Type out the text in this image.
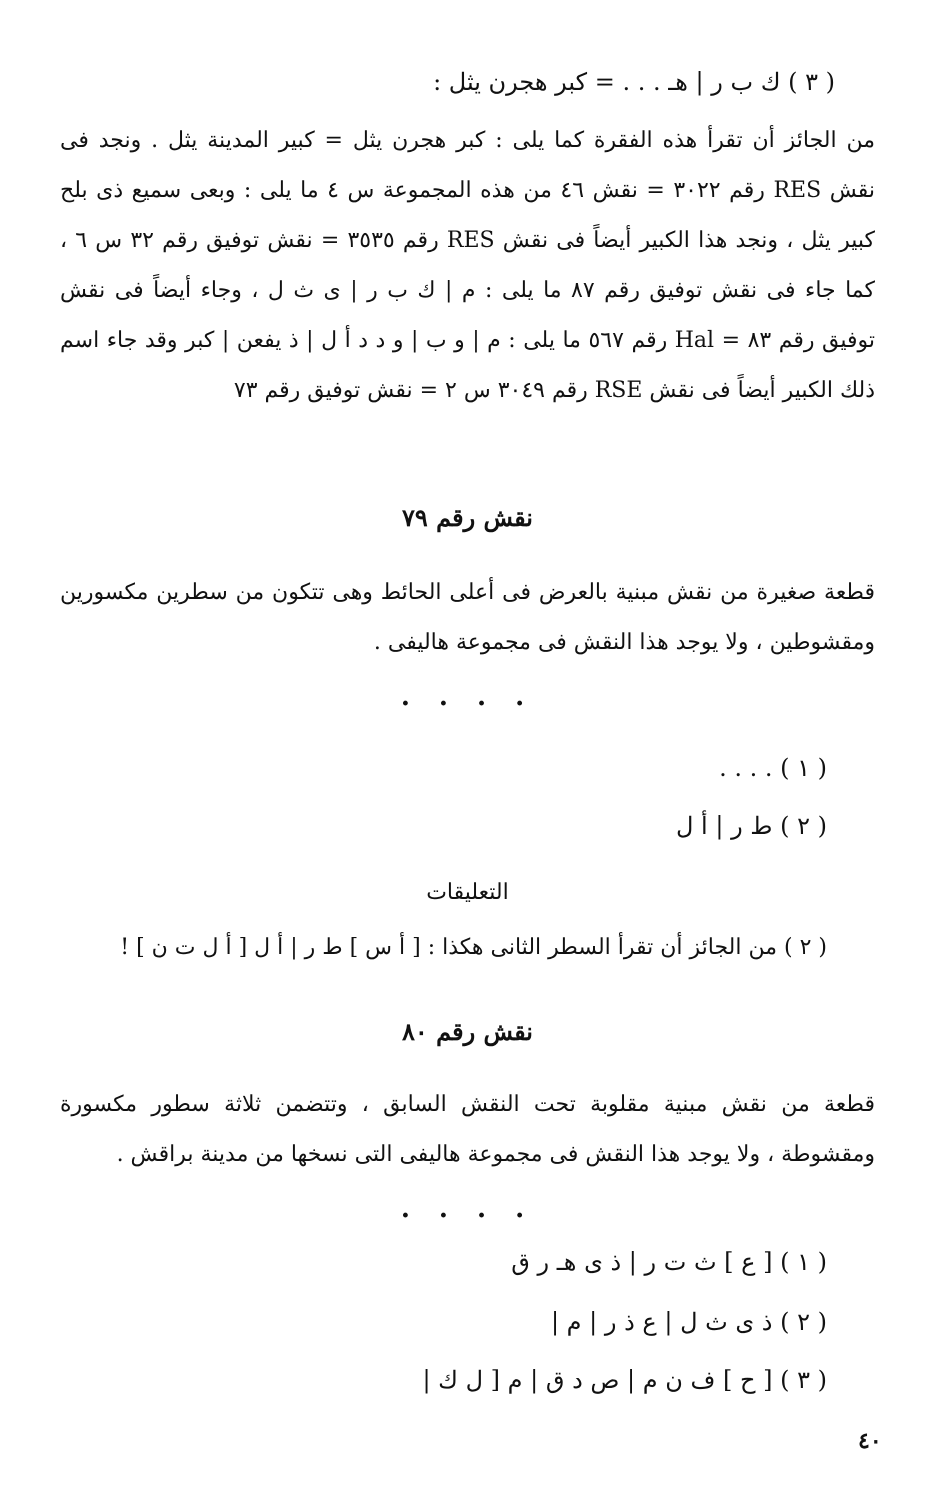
( ٣ ) ك ب ر | هـ . . . = كبر هجرن يثل :
من الجائز أن تقرأ هذه الفقرة كما يلى : كبر هجرن يثل = كبير المدينة يثل . ونجد فى نقش RES رقم ٣٠٢٢ = نقش ٤٦ من هذه المجموعة س ٤ ما يلى : وبعى سميع ذى بلح كبير يثل ، ونجد هذا الكبير أيضاً فى نقش RES رقم ٣٥٣٥ = نقش توفيق رقم ٣٢ س ٦ ، كما جاء فى نقش توفيق رقم ٨٧ ما يلى : م | ك ب ر | ى ث ل ، وجاء أيضاً فى نقش توفيق رقم ٨٣ = Hal رقم ٥٦٧ ما يلى : م | و ب | و د د أ ل | ذ يفعن | كبر وقد جاء اسم ذلك الكبير أيضاً فى نقش RSE رقم ٣٠٤٩ س ٢ = نقش توفيق رقم ٧٣
نقش رقم ٧٩
قطعة صغيرة من نقش مبنية بالعرض فى أعلى الحائط وهى تتكون من سطرين مكسورين ومقشوطين ، ولا يوجد هذا النقش فى مجموعة هاليفى .
. . . .
( ١ ) . . . .
( ٢ ) ط ر | أ ل
التعليقات
( ٢ ) من الجائز أن تقرأ السطر الثانى هكذا : [ أ س ] ط ر | أ ل [ أ ل ت ن ] !
نقش رقم ٨٠
قطعة من نقش مبنية مقلوبة تحت النقش السابق ، وتتضمن ثلاثة سطور مكسورة ومقشوطة ، ولا يوجد هذا النقش فى مجموعة هاليفى التى نسخها من مدينة براقش .
. . . .
( ١ ) [ ع ] ث ت ر | ذ ى هـ ر ق
( ٢ ) ذ ى ث ل | ع ذ ر | م |
( ٣ ) [ ح ] ف ن م | ص د ق | م [ ل ك |
٤٠
